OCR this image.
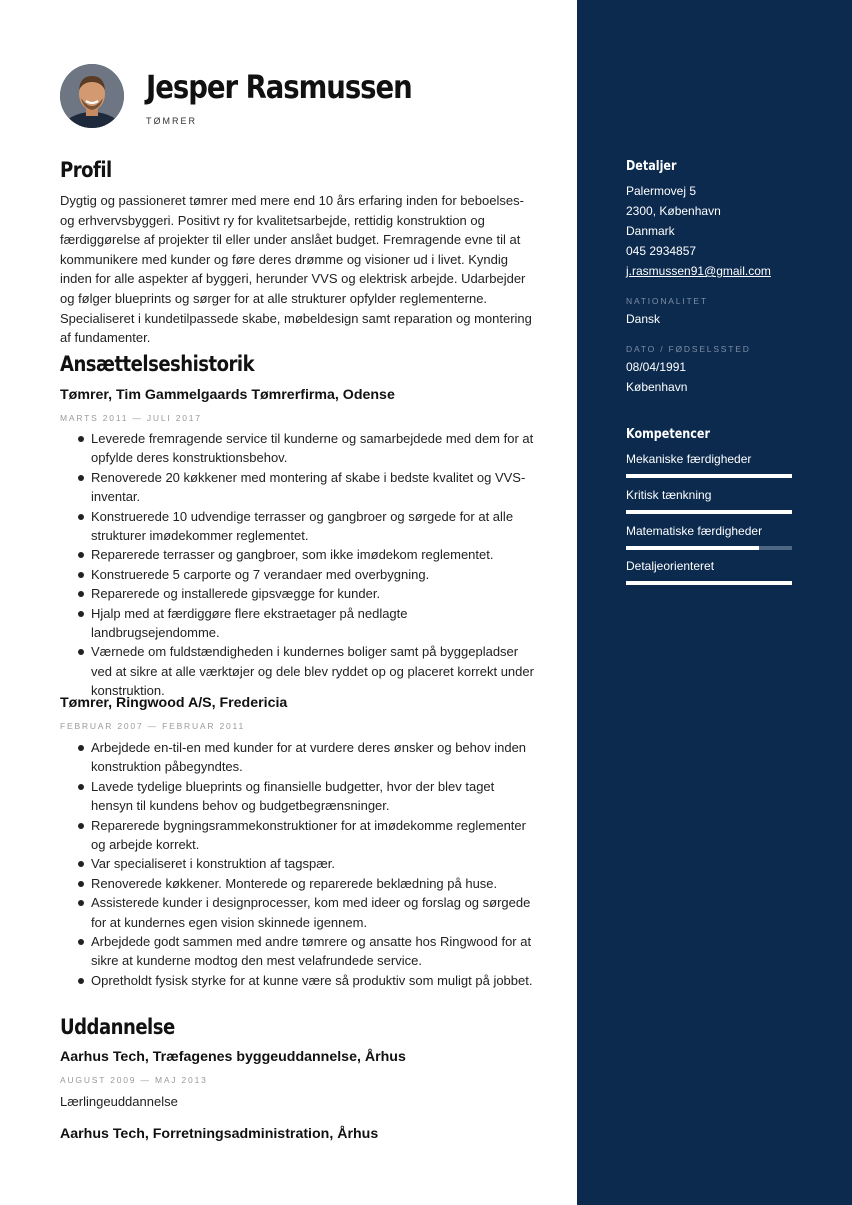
Jesper Rasmussen
TØMRER
Profil
Dygtig og passioneret tømrer med mere end 10 års erfaring inden for beboelses- og erhvervsbyggeri. Positivt ry for kvalitetsarbejde, rettidig konstruktion og færdiggørelse af projekter til eller under anslået budget. Fremragende evne til at kommunikere med kunder og føre deres drømme og visioner ud i livet. Kyndig inden for alle aspekter af byggeri, herunder VVS og elektrisk arbejde. Udarbejder og følger blueprints og sørger for at alle strukturer opfylder reglementerne. Specialiseret i kundetilpassede skabe, møbeldesign samt reparation og montering af fundamenter.
Ansættelseshistorik
Tømrer, Tim Gammelgaards Tømrerfirma, Odense
MARTS 2011 — JULI 2017
Leverede fremragende service til kunderne og samarbejdede med dem for at opfylde deres konstruktionsbehov.
Renoverede 20 køkkener med montering af skabe i bedste kvalitet og VVS-inventar.
Konstruerede 10 udvendige terrasser og gangbroer og sørgede for at alle strukturer imødekommer reglementet.
Reparerede terrasser og gangbroer, som ikke imødekom reglementet.
Konstruerede 5 carporte og 7 verandaer med overbygning.
Reparerede og installerede gipsvægge for kunder.
Hjalp med at færdiggøre flere ekstraetager på nedlagte landbrugsejendomme.
Værnede om fuldstændigheden i kundernes boliger samt på byggepladser ved at sikre at alle værktøjer og dele blev ryddet op og placeret korrekt under konstruktion.
Tømrer, Ringwood A/S, Fredericia
FEBRUAR 2007 — FEBRUAR 2011
Arbejdede en-til-en med kunder for at vurdere deres ønsker og behov inden konstruktion påbegyndtes.
Lavede tydelige blueprints og finansielle budgetter, hvor der blev taget hensyn til kundens behov og budgetbegrænsninger.
Reparerede bygningsrammekonstruktioner for at imødekomme reglementer og arbejde korrekt.
Var specialiseret i konstruktion af tagspær.
Renoverede køkkener. Monterede og reparerede beklædning på huse.
Assisterede kunder i designprocesser, kom med ideer og forslag og sørgede for at kundernes egen vision skinnede igennem.
Arbejdede godt sammen med andre tømrere og ansatte hos Ringwood for at sikre at kunderne modtog den mest velafrundede service.
Opretholdt fysisk styrke for at kunne være så produktiv som muligt på jobbet.
Uddannelse
Aarhus Tech, Træfagenes byggeuddannelse, Århus
AUGUST 2009 — MAJ 2013
Lærlingeuddannelse
Aarhus Tech, Forretningsadministration, Århus
Detaljer
Palermovej 5
2300, København
Danmark
045 2934857
j.rasmussen91@gmail.com
NATIONALITET
Dansk
DATO / FØDSELSSTED
08/04/1991
København
Kompetencer
Mekaniske færdigheder
Kritisk tænkning
Matematiske færdigheder
Detaljeorienteret
